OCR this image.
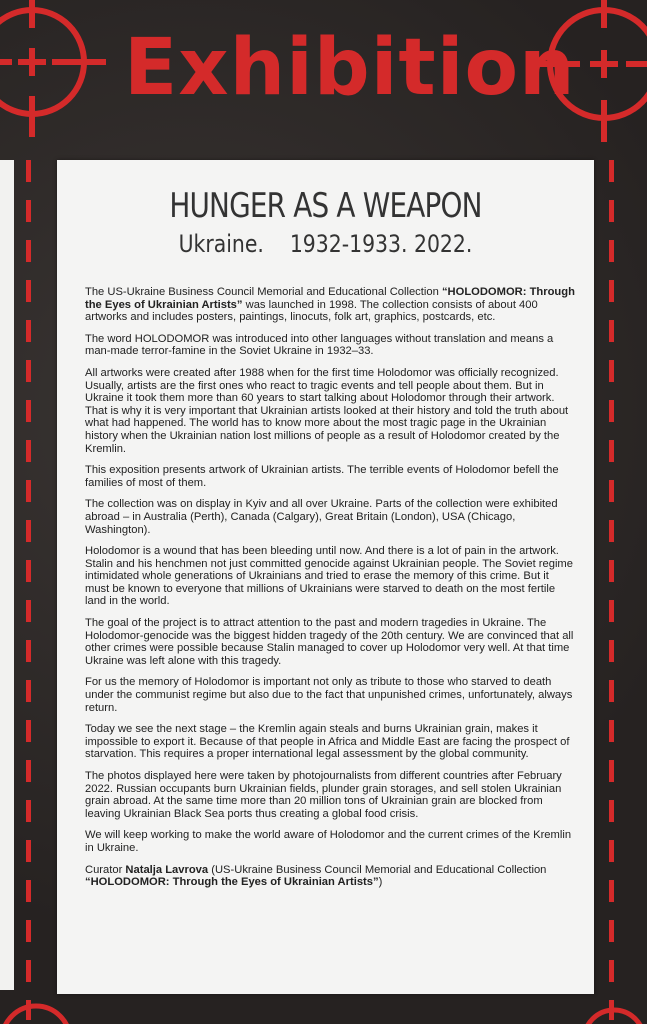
Exhibition
HUNGER AS A WEAPON
Ukraine.    1932-1933. 2022.

The US-Ukraine Business Council Memorial and Educational Collection “HOLODOMOR: Through the Eyes of Ukrainian Artists” was launched in 1998. The collection consists of about 400 artworks and includes posters, paintings, linocuts, folk art, graphics, postcards, etc.

The word HOLODOMOR was introduced into other languages without translation and means a man-made terror-famine in the Soviet Ukraine in 1932–33.

All artworks were created after 1988 when for the first time Holodomor was officially recognized. Usually, artists are the first ones who react to tragic events and tell people about them. But in Ukraine it took them more than 60 years to start talking about Holodomor through their artwork. That is why it is very important that Ukrainian artists looked at their history and told the truth about what had happened. The world has to know more about the most tragic page in the Ukrainian history when the Ukrainian nation lost millions of people as a result of Holodomor created by the Kremlin.

This exposition presents artwork of Ukrainian artists. The terrible events of Holodomor befell the families of most of them.

The collection was on display in Kyiv and all over Ukraine. Parts of the collection were exhibited abroad – in Australia (Perth), Canada (Calgary), Great Britain (London), USA (Chicago, Washington).

Holodomor is a wound that has been bleeding until now. And there is a lot of pain in the artwork. Stalin and his henchmen not just committed genocide against Ukrainian people. The Soviet regime intimidated whole generations of Ukrainians and tried to erase the memory of this crime. But it must be known to everyone that millions of Ukrainians were starved to death on the most fertile land in the world.

The goal of the project is to attract attention to the past and modern tragedies in Ukraine. The Holodomor-genocide was the biggest hidden tragedy of the 20th century. We are convinced that all other crimes were possible because Stalin managed to cover up Holodomor very well. At that time Ukraine was left alone with this tragedy.

For us the memory of Holodomor is important not only as tribute to those who starved to death under the communist regime but also due to the fact that unpunished crimes, unfortunately, always return.

Today we see the next stage – the Kremlin again steals and burns Ukrainian grain, makes it impossible to export it. Because of that people in Africa and Middle East are facing the prospect of starvation. This requires a proper international legal assessment by the global community.

The photos displayed here were taken by photojournalists from different countries after February 2022. Russian occupants burn Ukrainian fields, plunder grain storages, and sell stolen Ukrainian grain abroad. At the same time more than 20 million tons of Ukrainian grain are blocked from leaving Ukrainian Black Sea ports thus creating a global food crisis.

We will keep working to make the world aware of Holodomor and the current crimes of the Kremlin in Ukraine.

Curator Natalja Lavrova (US-Ukraine Business Council Memorial and Educational Collection “HOLODOMOR: Through the Eyes of Ukrainian Artists”)
